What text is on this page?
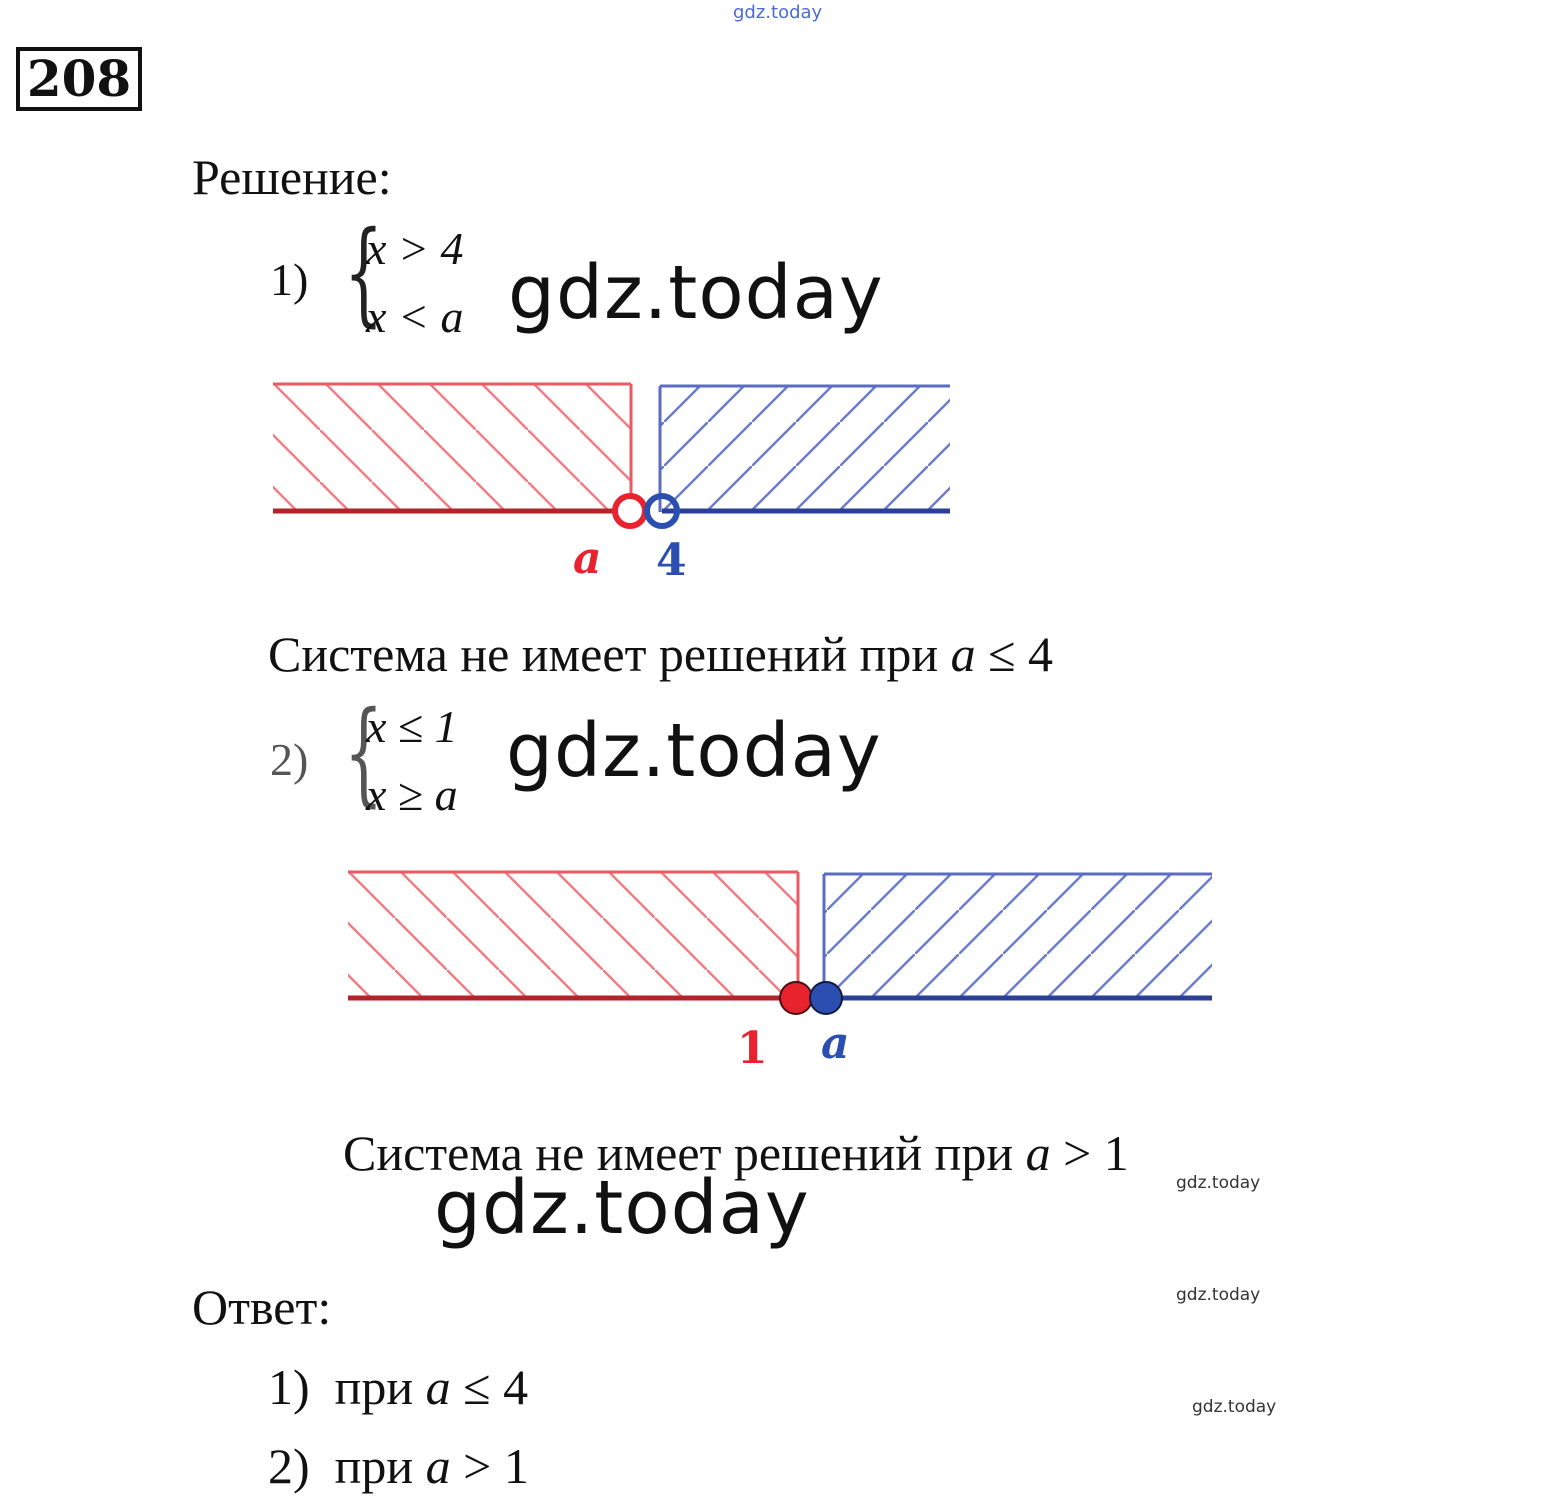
gdz.today
208
Решение:
1) {
x > 4
x < a gdz.today
a 4
Система не имеет решений при a ≤ 4
2) {
x ≤ 1
x ≥ a
gdz.today
1 a
Система не имеет решений при a > 1
gdz.today
gdz.today
Ответ:	gdz.today
1) при a ≤ 4	gdz.today
2) при a > 1
